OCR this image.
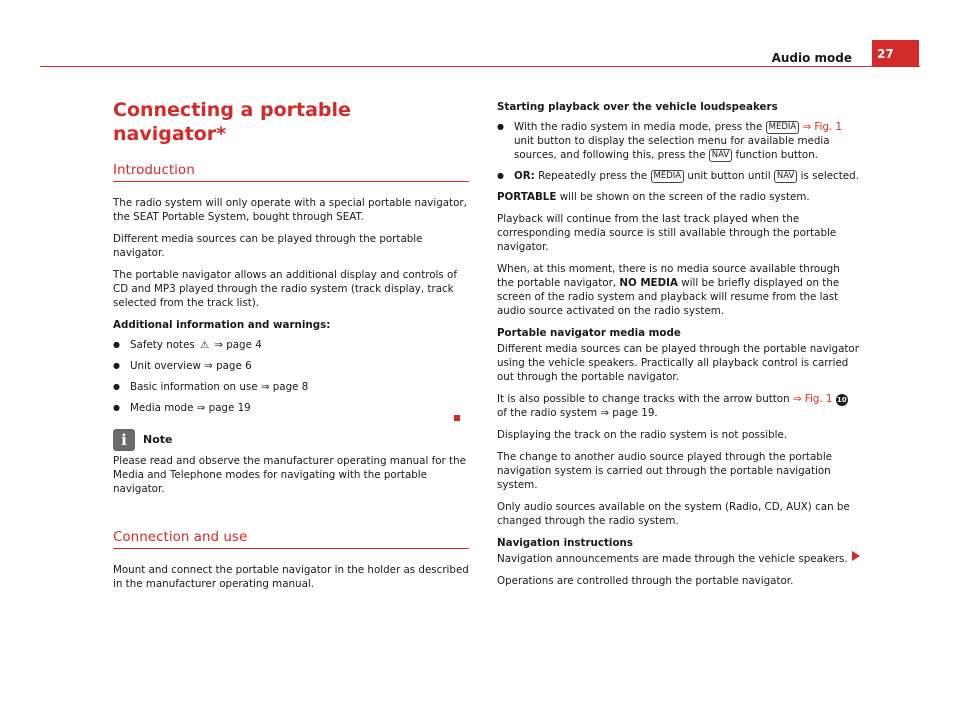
Audio mode	27
Connecting a portable navigator*
Introduction

The radio system will only operate with a special portable navigator, the SEAT Portable System, bought through SEAT.

Different media sources can be played through the portable navigator.

The portable navigator allows an additional display and controls of CD and MP3 played through the radio system (track display, track selected from the track list).

Additional information and warnings:

● Safety notes ⚠ ⇒ page 4
● Unit overview ⇒ page 6
● Basic information on use ⇒ page 8
● Media mode ⇒ page 19
i	Note

Please read and observe the manufacturer operating manual for the Media and Telephone modes for navigating with the portable navigator.

Connection and use

Mount and connect the portable navigator in the holder as described in the manufacturer operating manual.

Starting playback over the vehicle loudspeakers

● With the radio system in media mode, press the MEDIA ⇒ Fig. 1 unit button to display the selection menu for available media sources, and following this, press the NAV function button.
● OR: Repeatedly press the MEDIA unit button until NAV is selected.

PORTABLE will be shown on the screen of the radio system.

Playback will continue from the last track played when the corresponding media source is still available through the portable navigator.

When, at this moment, there is no media source available through the portable navigator, NO MEDIA will be briefly displayed on the screen of the radio system and playback will resume from the last audio source activated on the radio system.

Portable navigator media mode

Different media sources can be played through the portable navigator using the vehicle speakers. Practically all playback control is carried out through the portable navigator.

It is also possible to change tracks with the arrow button ⇒ Fig. 1 10 of the radio system ⇒ page 19.

Displaying the track on the radio system is not possible.

The change to another audio source played through the portable navigation system is carried out through the portable navigation system.

Only audio sources available on the system (Radio, CD, AUX) can be changed through the radio system.

Navigation instructions

Navigation announcements are made through the vehicle speakers.

Operations are controlled through the portable navigator.
